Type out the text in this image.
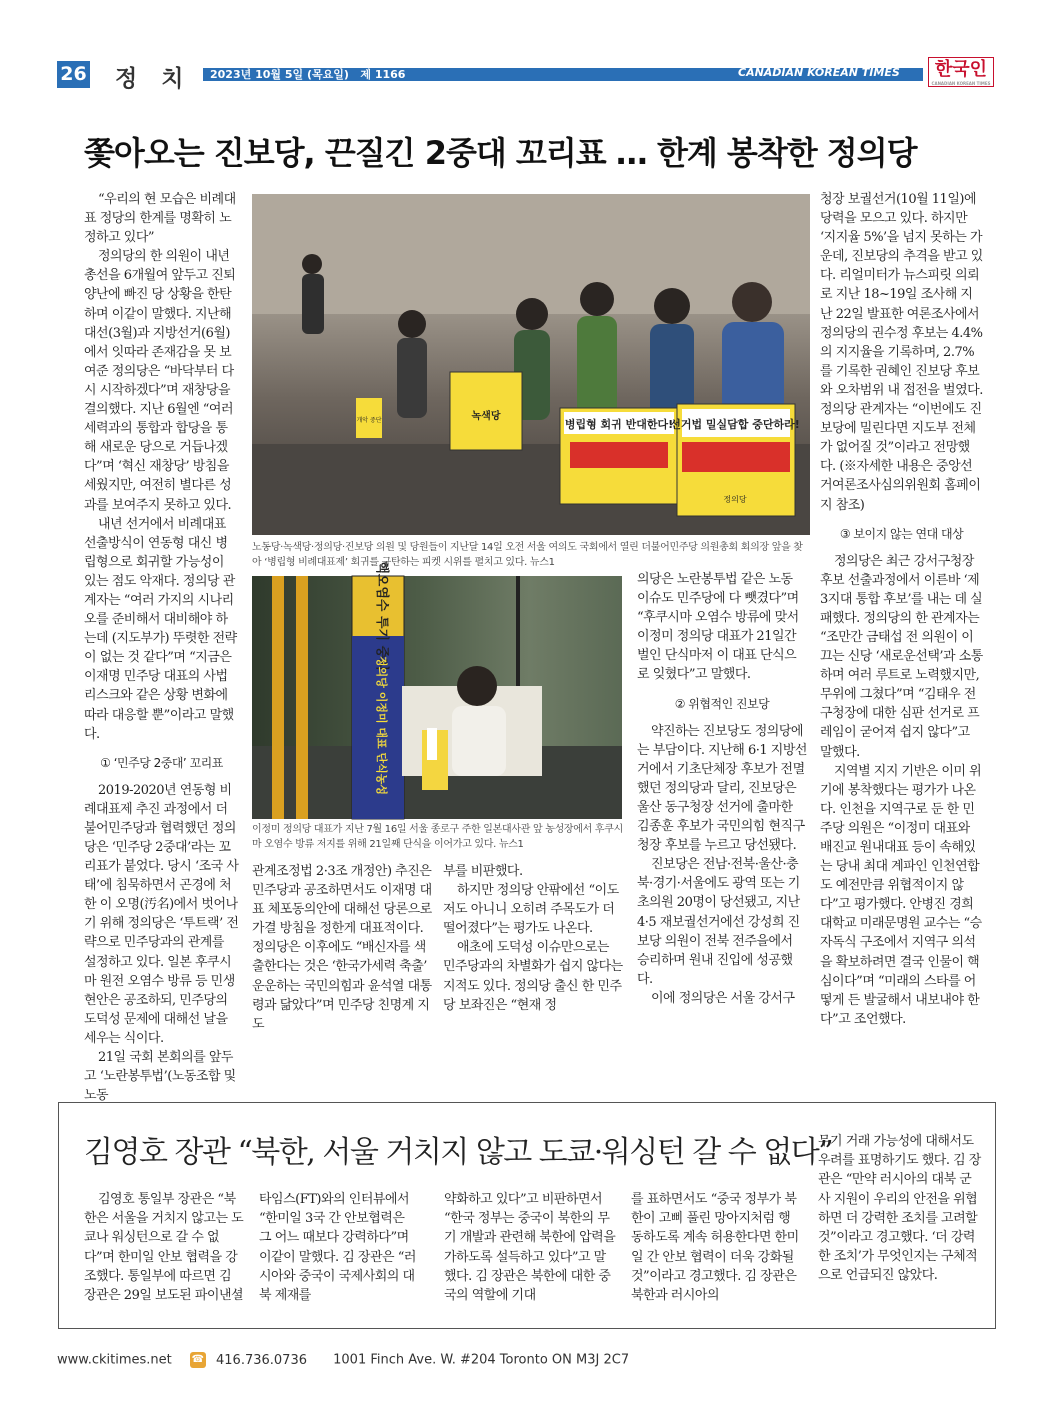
26 정 치 2023년 10월 5일 (목요일)   제 1166	CANADIAN KOREAN TIMES	한국인
CANADIAN KOREAN TIMES
쫓아오는 진보당, 끈질긴 2중대 꼬리표 … 한계 봉착한 정의당

“우리의 현 모습은 비례대표 정당의 한계를 명확히 노정하고 있다”

정의당의 한 의원이 내년 총선을 6개월여 앞두고 진퇴양난에 빠진 당 상황을 한탄하며 이같이 말했다. 지난해 대선(3월)과 지방선거(6월)에서 잇따라 존재감을 못 보여준 정의당은 “바닥부터 다시 시작하겠다”며 재창당을 결의했다. 지난 6월엔 “여러 세력과의 통합과 합당을 통해 새로운 당으로 거듭나겠다”며 ‘혁신 재창당’ 방침을 세웠지만, 여전히 별다른 성과를 보여주지 못하고 있다.

내년 선거에서 비례대표 선출방식이 연동형 대신 병립형으로 회귀할 가능성이 있는 점도 악재다. 정의당 관계자는 “여러 가지의 시나리오를 준비해서 대비해야 하는데 (지도부가) 뚜렷한 전략이 없는 것 같다”며 “지금은 이재명 민주당 대표의 사법리스크와 같은 상황 변화에 따라 대응할 뿐”이라고 말했다.

① ‘민주당 2중대’ 꼬리표

2019-2020년 연동형 비례대표제 추진 과정에서 더불어민주당과 협력했던 정의당은 ‘민주당 2중대’라는 꼬리표가 붙었다. 당시 ‘조국 사태’에 침묵하면서 곤경에 처한 이 오명(汚名)에서 벗어나기 위해 정의당은 ‘투트랙’ 전략으로 민주당과의 관계를 설정하고 있다. 일본 후쿠시마 원전 오염수 방류 등 민생 현안은 공조하되, 민주당의 도덕성 문제에 대해선 날을 세우는 식이다.

21일 국회 본회의를 앞두고 ‘노란봉투법’(노동조합 및 노동

병립형 회귀 반대한다!
선거법 밀실담합 중단하라!
녹색당
정의당
개악 중단
노동당·녹색당·정의당·진보당 의원 및 당원들이 지난달 14일 오전 서울 여의도 국회에서 열린 더불어민주당 의원총회 회의장 앞을 찾아 ‘병립형 비례대표제’ 회귀를 규탄하는 피켓 시위를 펼치고 있다. 뉴스1
핵오염수 투기 중지
정의당 이정미 대표 단식농성
이정미 정의당 대표가 지난 7월 16일 서울 종로구 주한 일본대사관 앞 농성장에서 후쿠시마 오염수 방류 저지를 위해 21일째 단식을 이어가고 있다. 뉴스1

관계조정법 2·3조 개정안) 추진은 민주당과 공조하면서도 이재명 대표 체포동의안에 대해선 당론으로 가결 방침을 정한게 대표적이다. 정의당은 이후에도 “배신자를 색출한다는 것은 ‘한국가세력 축출’ 운운하는 국민의힘과 윤석열 대통령과 닮았다”며 민주당 친명계 지도

부를 비판했다.

하지만 정의당 안팎에선 “이도 저도 아니니 오히려 주목도가 더 떨어졌다”는 평가도 나온다.

애초에 도덕성 이슈만으로는 민주당과의 차별화가 쉽지 않다는 지적도 있다. 정의당 출신 한 민주당 보좌진은 “현재 정

의당은 노란봉투법 같은 노동 이슈도 민주당에 다 뺏겼다”며 “후쿠시마 오염수 방류에 맞서 이정미 정의당 대표가 21일간 벌인 단식마저 이 대표 단식으로 잊혔다”고 말했다.

② 위협적인 진보당

약진하는 진보당도 정의당에는 부담이다. 지난해 6·1 지방선거에서 기초단체장 후보가 전멸했던 정의당과 달리, 진보당은 울산 동구청장 선거에 출마한 김종훈 후보가 국민의힘 현직구청장 후보를 누르고 당선됐다.

진보당은 전남·전북·울산·충북·경기·서울에도 광역 또는 기초의원 20명이 당선됐고, 지난 4·5 재보궐선거에선 강성희 진보당 의원이 전북 전주을에서 승리하며 원내 진입에 성공했다.

이에 정의당은 서울 강서구

청장 보궐선거(10월 11일)에 당력을 모으고 있다. 하지만 ‘지지율 5%’을 넘지 못하는 가운데, 진보당의 추격을 받고 있다. 리얼미터가 뉴스피릿 의뢰로 지난 18~19일 조사해 지난 22일 발표한 여론조사에서 정의당의 권수정 후보는 4.4%의 지지율을 기록하며, 2.7%를 기록한 권혜인 진보당 후보와 오차범위 내 접전을 벌였다. 정의당 관계자는 “이번에도 진보당에 밀린다면 지도부 전체가 없어질 것”이라고 전망했다. (※자세한 내용은 중앙선거여론조사심의위원회 홈페이지 참조)

③ 보이지 않는 연대 대상

정의당은 최근 강서구청장 후보 선출과정에서 이른바 ‘제3지대 통합 후보’를 내는 데 실패했다. 정의당의 한 관계자는 “조만간 금태섭 전 의원이 이끄는 신당 ‘새로운선택’과 소통하며 여러 루트로 노력했지만, 무위에 그쳤다”며 “김태우 전 구청장에 대한 심판 선거로 프레임이 굳어져 쉽지 않다”고 말했다.

지역별 지지 기반은 이미 위기에 봉착했다는 평가가 나온다. 인천을 지역구로 둔 한 민주당 의원은 “이정미 대표와 배진교 원내대표 등이 속해있는 당내 최대 계파인 인천연합도 예전만큼 위협적이지 않다”고 평가했다. 안병진 경희대학교 미래문명원 교수는 “승자독식 구조에서 지역구 의석을 확보하려면 결국 인물이 핵심이다”며 “미래의 스타를 어떻게 든 발굴해서 내보내야 한다”고 조언했다.

김영호 장관 “북한, 서울 거치지 않고 도쿄·워싱턴 갈 수 없다”

김영호 통일부 장관은 “북한은 서울을 거치지 않고는 도쿄나 워싱턴으로 갈 수 없다”며 한미일 안보 협력을 강조했다. 통일부에 따르면 김 장관은 29일 보도된 파이낸셜

타임스(FT)와의 인터뷰에서 “한미일 3국 간 안보협력은 그 어느 때보다 강력하다”며 이같이 말했다. 김 장관은 “러시아와 중국이 국제사회의 대북 제재를

약화하고 있다”고 비판하면서 “한국 정부는 중국이 북한의 무기 개발과 관련해 북한에 압력을 가하도록 설득하고 있다”고 말했다. 김 장관은 북한에 대한 중국의 역할에 기대

를 표하면서도 “중국 정부가 북한이 고삐 풀린 망아지처럼 행동하도록 계속 허용한다면 한미일 간 안보 협력이 더욱 강화될 것”이라고 경고했다. 김 장관은 북한과 러시아의

무기 거래 가능성에 대해서도 우려를 표명하기도 했다. 김 장관은 “만약 러시아의 대북 군사 지원이 우리의 안전을 위협하면 더 강력한 조치를 고려할 것”이라고 경고했다. ‘더 강력한 조치’가 무엇인지는 구체적으로 언급되진 않았다.

www.ckitimes.net ☎ 416.736.0736 1001 Finch Ave. W. #204 Toronto ON M3J 2C7
